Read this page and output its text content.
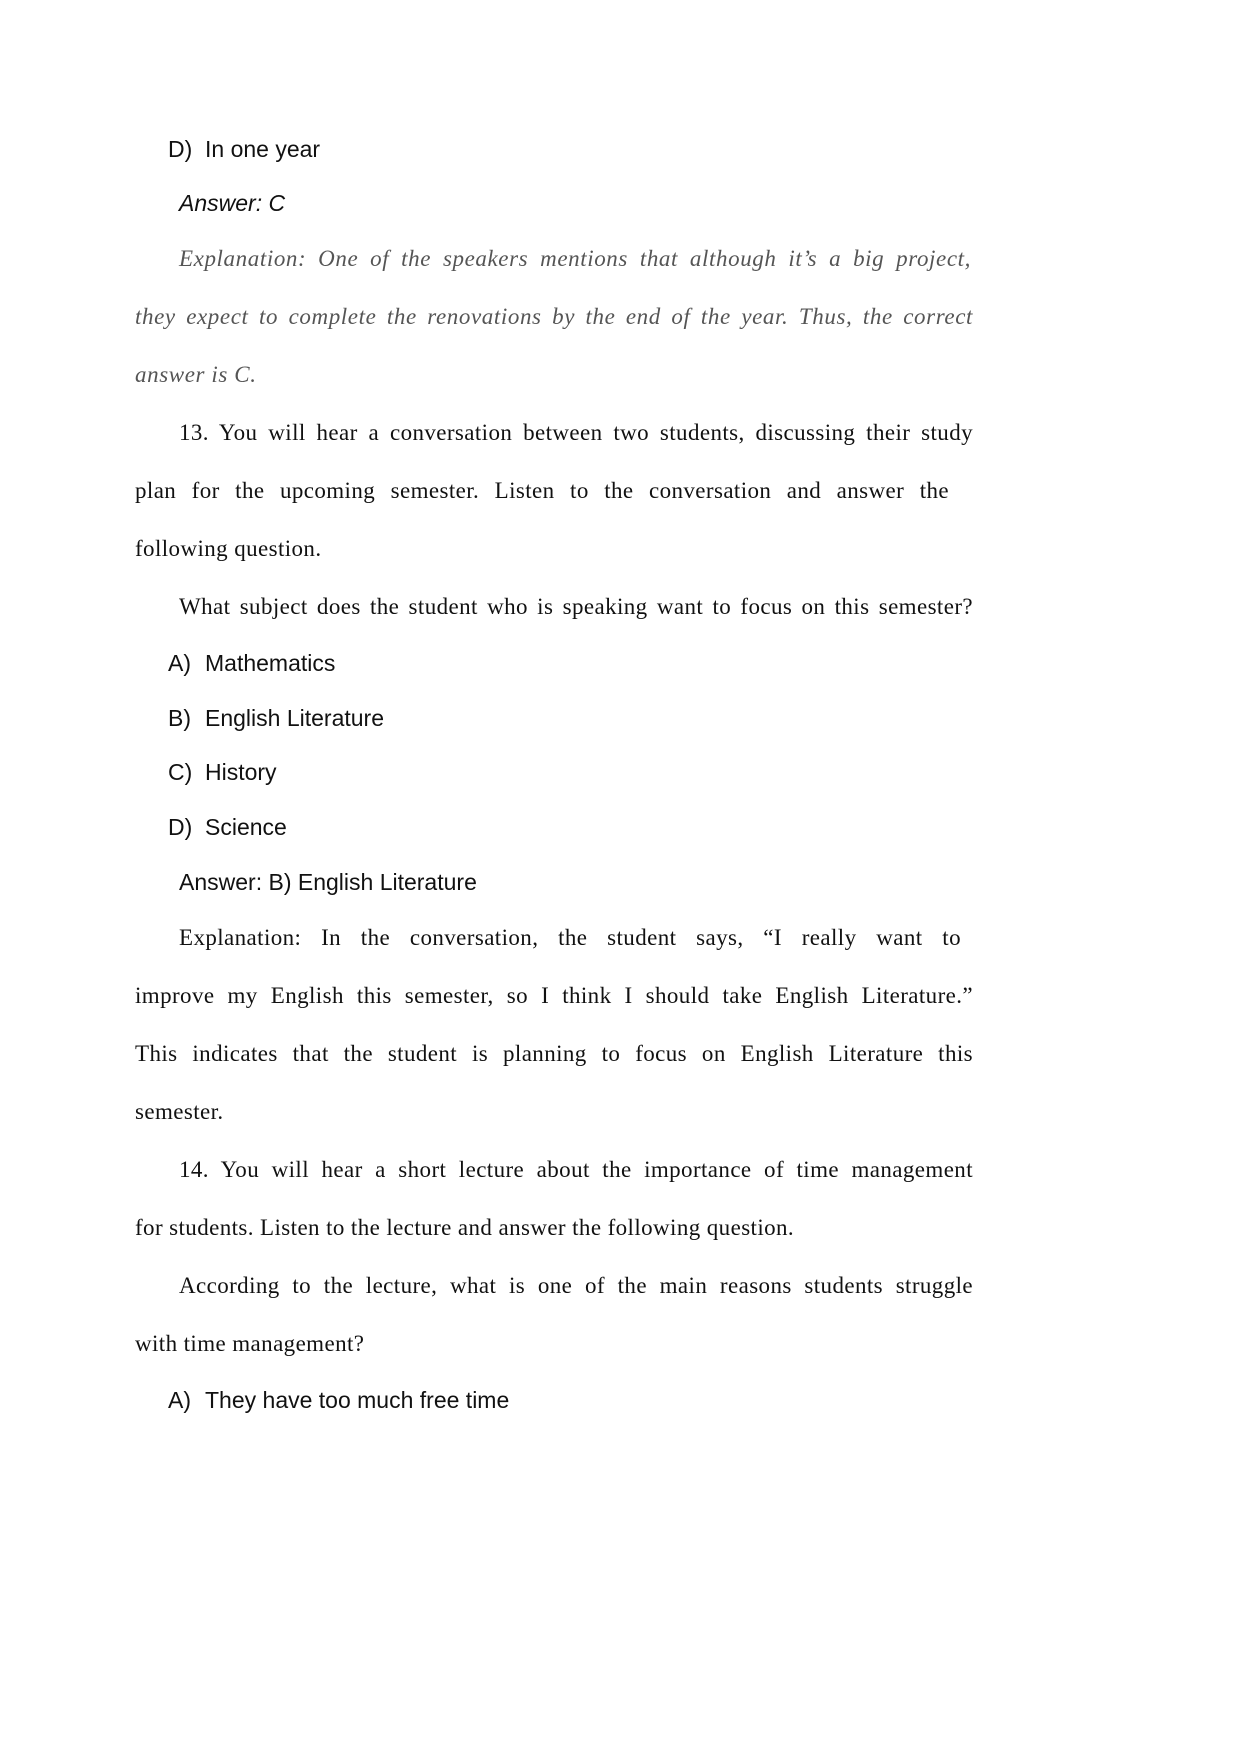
D) In one year
Answer: C
Explanation: One of the speakers mentions that although it’s a big project,
they expect to complete the renovations by the end of the year. Thus, the correct
answer is C.
13. You will hear a conversation between two students, discussing their study
plan for the upcoming semester. Listen to the conversation and answer the
following question.
What subject does the student who is speaking want to focus on this semester?
A) Mathematics
B) English Literature
C) History
D) Science
Answer: B) English Literature
Explanation: In the conversation, the student says, “I really want to
improve my English this semester, so I think I should take English Literature.”
This indicates that the student is planning to focus on English Literature this
semester.
14. You will hear a short lecture about the importance of time management
for students. Listen to the lecture and answer the following question.
According to the lecture, what is one of the main reasons students struggle
with time management?
A) They have too much free time
